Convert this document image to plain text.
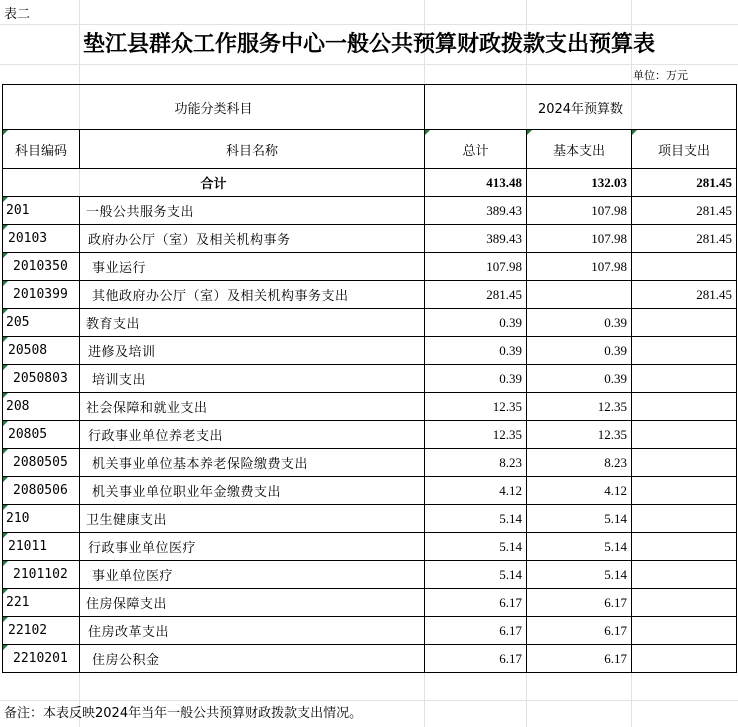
表二
垫江县群众工作服务中心一般公共预算财政拨款支出预算表
单位：万元
功能分类科目		2024年预算数		
科目编码	科目名称	总计	基本支出	项目支出
合计		413.48	132.03	281.45
201	一般公共服务支出	389.43	107.98	281.45
20103	政府办公厅（室）及相关机构事务	389.43	107.98	281.45
2010350	事业运行	107.98	107.98	
2010399	其他政府办公厅（室）及相关机构事务支出	281.45		281.45
205	教育支出	0.39	0.39	
20508	进修及培训	0.39	0.39	
2050803	培训支出	0.39	0.39	
208	社会保障和就业支出	12.35	12.35	
20805	行政事业单位养老支出	12.35	12.35	
2080505	机关事业单位基本养老保险缴费支出	8.23	8.23	
2080506	机关事业单位职业年金缴费支出	4.12	4.12	
210	卫生健康支出	5.14	5.14	
21011	行政事业单位医疗	5.14	5.14	
2101102	事业单位医疗	5.14	5.14	
221	住房保障支出	6.17	6.17	
22102	住房改革支出	6.17	6.17	
2210201	住房公积金	6.17	6.17	
备注：本表反映2024年当年一般公共预算财政拨款支出情况。
